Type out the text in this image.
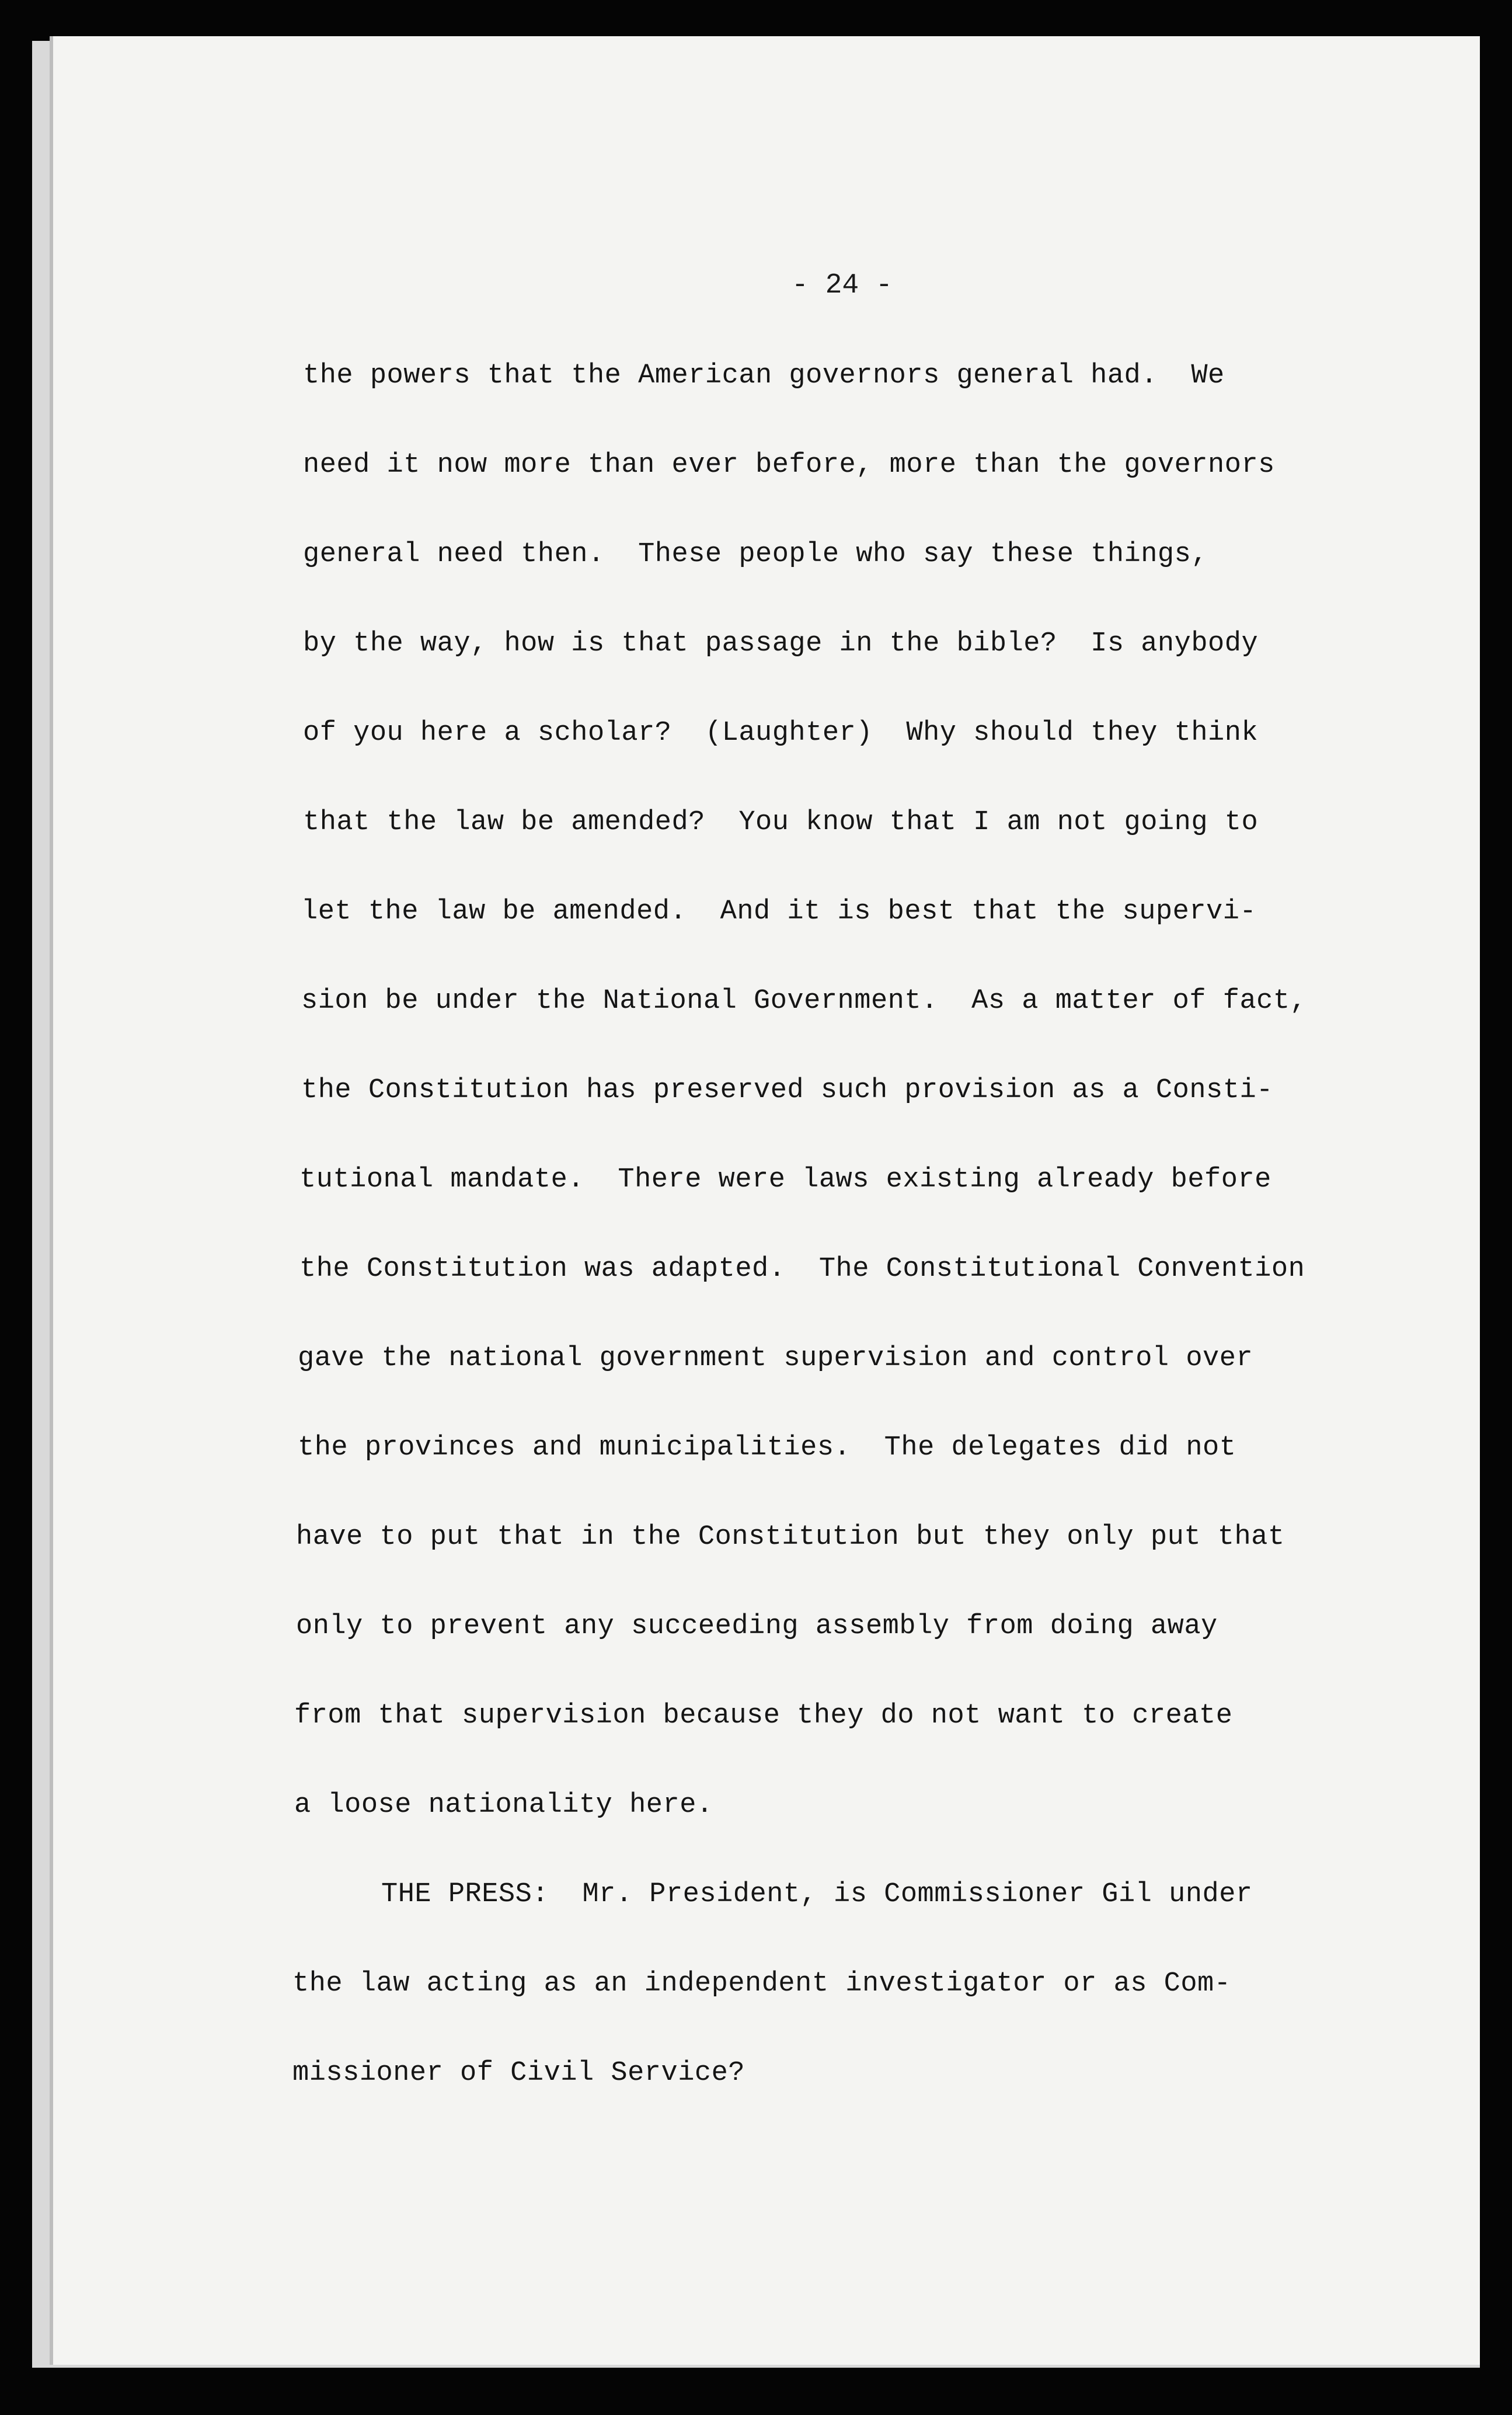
- 24 -
the powers that the American governors general had.  We
need it now more than ever before, more than the governors
general need then.  These people who say these things,
by the way, how is that passage in the bible?  Is anybody
of you here a scholar?  (Laughter)  Why should they think
that the law be amended?  You know that I am not going to
let the law be amended.  And it is best that the supervi-
sion be under the National Government.  As a matter of fact,
the Constitution has preserved such provision as a Consti-
tutional mandate.  There were laws existing already before
the Constitution was adapted.  The Constitutional Convention
gave the national government supervision and control over
the provinces and municipalities.  The delegates did not
have to put that in the Constitution but they only put that
only to prevent any succeeding assembly from doing away
from that supervision because they do not want to create
a loose nationality here.
THE PRESS:  Mr. President, is Commissioner Gil under
the law acting as an independent investigator or as Com-
missioner of Civil Service?
